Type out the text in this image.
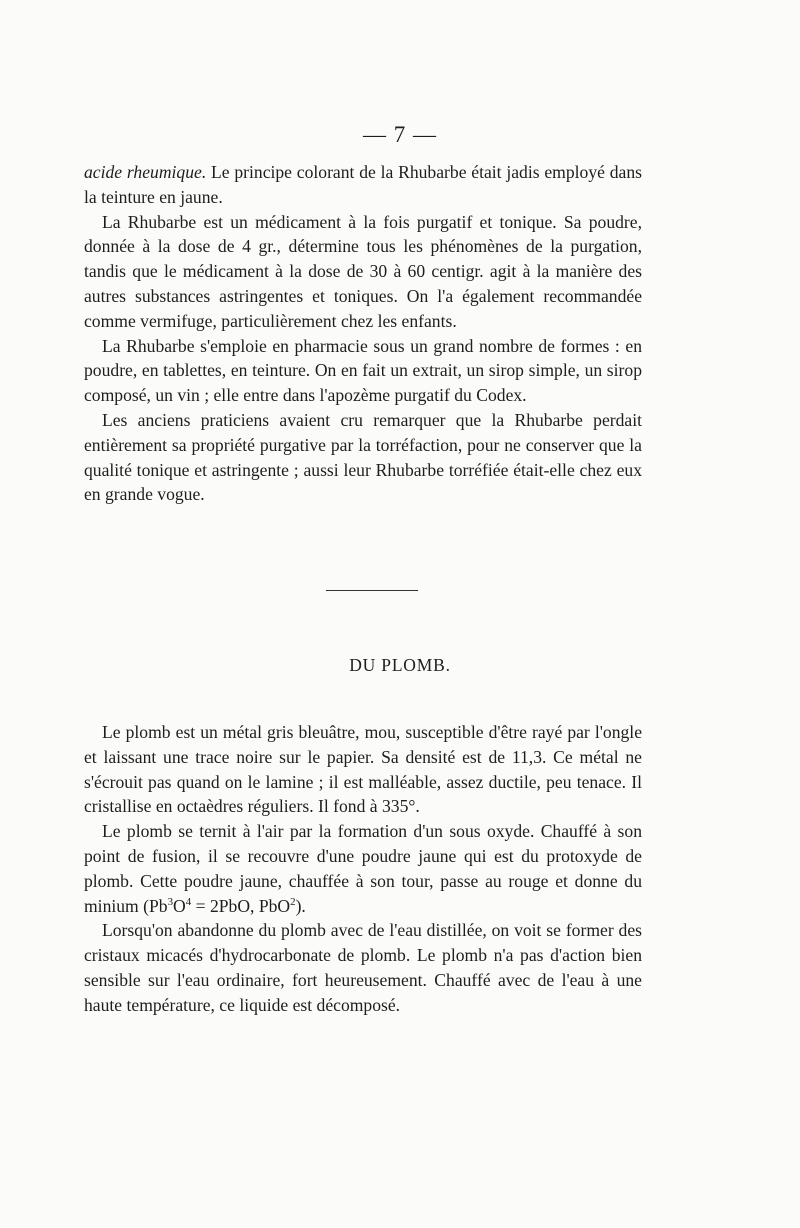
— 7 —

acide rheumique. Le principe colorant de la Rhubarbe était jadis employé dans la teinture en jaune.

La Rhubarbe est un médicament à la fois purgatif et tonique. Sa poudre, donnée à la dose de 4 gr., détermine tous les phénomènes de la purgation, tandis que le médicament à la dose de 30 à 60 centigr. agit à la manière des autres substances astringentes et toniques. On l'a également recommandée comme vermifuge, particulièrement chez les enfants.

La Rhubarbe s'emploie en pharmacie sous un grand nombre de formes : en poudre, en tablettes, en teinture. On en fait un extrait, un sirop simple, un sirop composé, un vin ; elle entre dans l'apozème purgatif du Codex.

Les anciens praticiens avaient cru remarquer que la Rhubarbe perdait entièrement sa propriété purgative par la torréfaction, pour ne conserver que la qualité tonique et astringente ; aussi leur Rhubarbe torréfiée était-elle chez eux en grande vogue.

DU PLOMB.

Le plomb est un métal gris bleuâtre, mou, susceptible d'être rayé par l'ongle et laissant une trace noire sur le papier. Sa densité est de 11,3. Ce métal ne s'écrouit pas quand on le lamine ; il est malléable, assez ductile, peu tenace. Il cristallise en octaèdres réguliers. Il fond à 335°.

Le plomb se ternit à l'air par la formation d'un sous oxyde. Chauffé à son point de fusion, il se recouvre d'une poudre jaune qui est du protoxyde de plomb. Cette poudre jaune, chauffée à son tour, passe au rouge et donne du minium ($Pb^3O^4 = 2PbO$, PbO$^2$).

Lorsqu'on abandonne du plomb avec de l'eau distillée, on voit se former des cristaux micacés d'hydrocarbonate de plomb. Le plomb n'a pas d'action bien sensible sur l'eau ordinaire, fort heureusement. Chauffé avec de l'eau à une haute température, ce liquide est décomposé.
